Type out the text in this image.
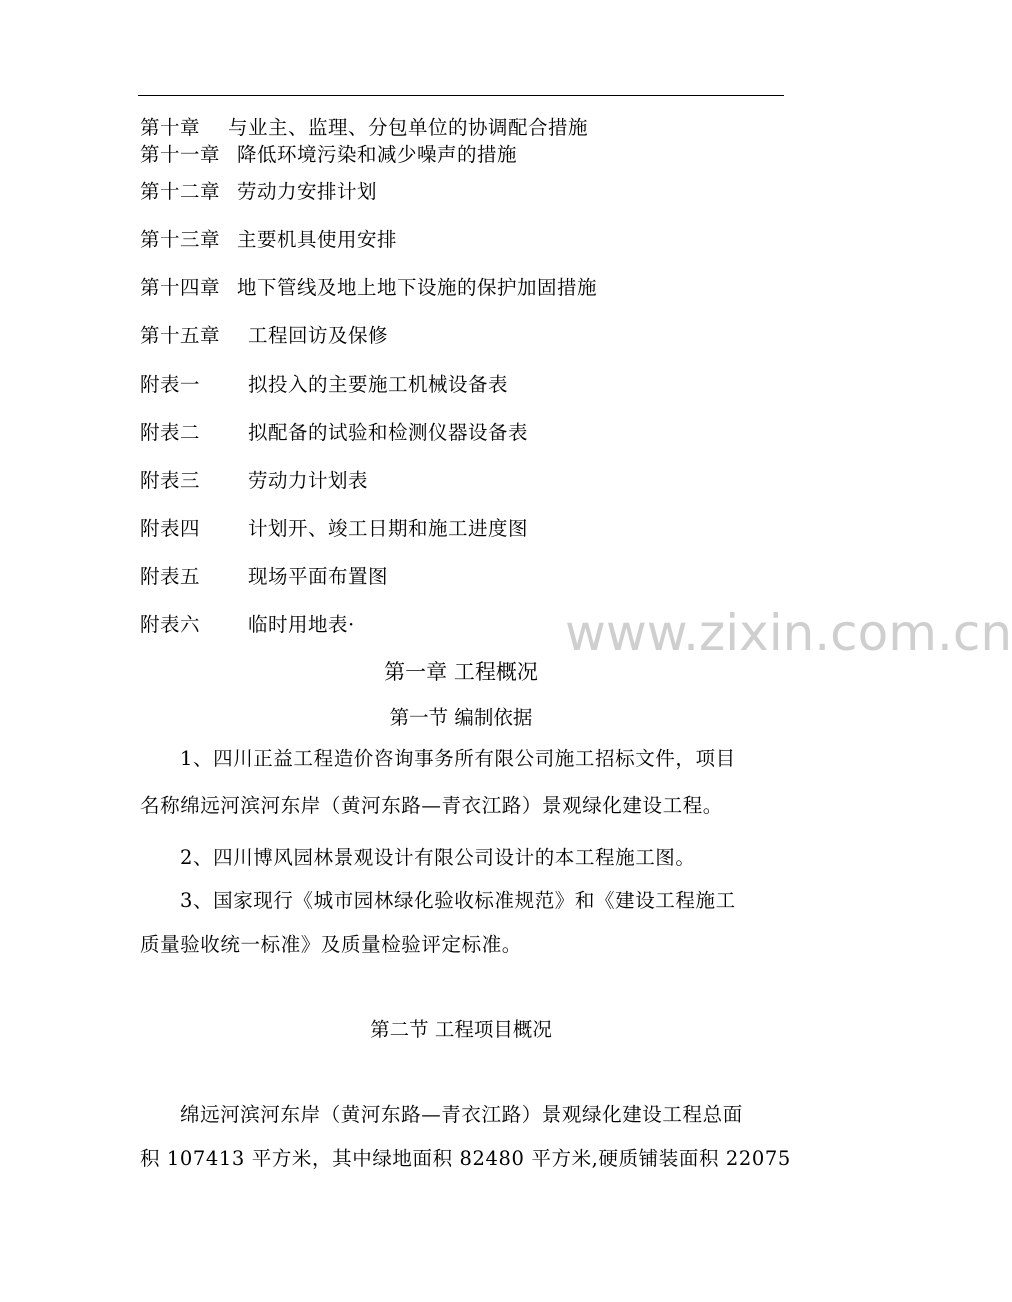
第十章 与业主、监理、分包单位的协调配合措施
第十一章 降低环境污染和减少噪声的措施
第十二章 劳动力安排计划
第十三章 主要机具使用安排
第十四章 地下管线及地上地下设施的保护加固措施
第十五章 工程回访及保修
附表一 拟投入的主要施工机械设备表
附表二 拟配备的试验和检测仪器设备表
附表三 劳动力计划表
附表四 计划开、竣工日期和施工进度图
附表五 现场平面布置图
附表六 临时用地表·	www.zixin.com.cn
第一章 工程概况
第一节 编制依据
1、四川正益工程造价咨询事务所有限公司施工招标文件，项目
名称绵远河滨河东岸（黄河东路—青衣江路）景观绿化建设工程。
2、四川博风园林景观设计有限公司设计的本工程施工图。
3、国家现行《城市园林绿化验收标准规范》和《建设工程施工
质量验收统一标准》及质量检验评定标准。
第二节 工程项目概况
绵远河滨河东岸（黄河东路—青衣江路）景观绿化建设工程总面
积 107413 平方米，其中绿地面积 82480 平方米,硬质铺装面积 22075
